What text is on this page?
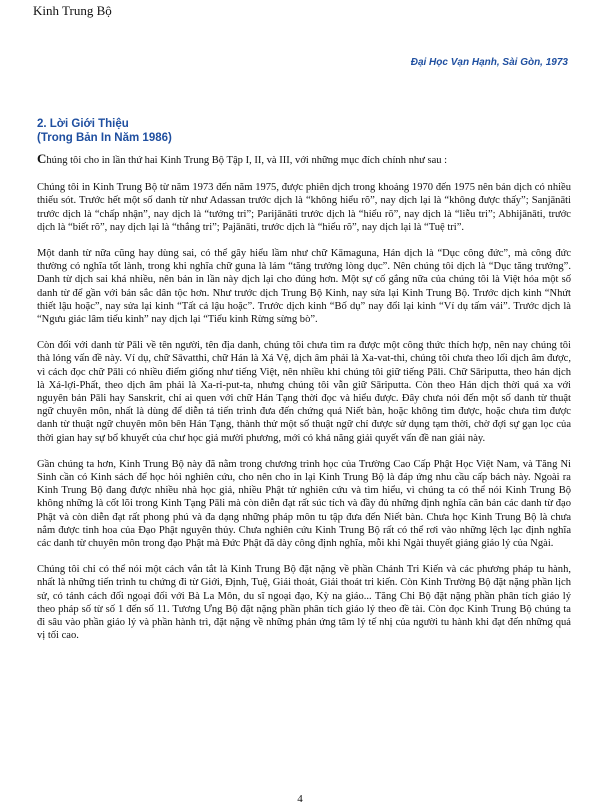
Kinh Trung Bộ
Đại Học Vạn Hạnh, Sài Gòn, 1973
2. Lời Giới Thiệu
(Trong Bản In Năm 1986)

Chúng tôi cho in lần thứ hai Kinh Trung Bộ Tập I, II, và III, với những mục đích chính như sau :

Chúng tôi in Kinh Trung Bộ từ năm 1973 đến năm 1975, được phiên dịch trong khoảng 1970 đến 1975 nên bản dịch có nhiều thiếu sót. Trước hết một số danh từ như Adassan trước dịch là “không hiểu rõ”, nay dịch lại là “không được thấy”; Sanjānāti trước dịch là “chấp nhận”, nay dịch là “tưởng tri”; Parijānāti trước dịch là “hiểu rõ”, nay dịch là “liễu tri”; Abhijānāti, trước dịch là “biết rõ”, nay dịch lại là “thắng tri”; Pajānāti, trước dịch là “hiểu rõ”, nay dịch lại là “Tuệ tri”.

Một danh từ nữa cũng hay dùng sai, có thể gây hiểu lầm như chữ Kāmaguna, Hán dịch là “Dục công đức”, mà công đức thường có nghĩa tốt lành, trong khi nghĩa chữ guna là lảm “tăng trưởng lòng dục”. Nên chúng tôi dịch là “Dục tăng trưởng”. Danh từ dịch sai khá nhiều, nên bản in lần này dịch lại cho đúng hơn. Một sự cố gắng nữa của chúng tôi là Việt hóa một số danh từ để gần với bản sắc dân tộc hơn. Như trước dịch Trung Bộ Kinh, nay sửa lại Kinh Trung Bộ. Trước dịch kinh “Nhứt thiết lậu hoặc”, nay sửa lại kinh “Tất cả lậu hoặc”. Trước dịch kinh “Bố dụ” nay đổi lại kinh “Ví dụ tấm vải”. Trước dịch là “Ngưu giác lâm tiểu kinh” nay dịch lại “Tiểu kinh Rừng sừng bò”.

Còn đối với danh từ Pāli về tên người, tên địa danh, chúng tôi chưa tìm ra được một công thức thích hợp, nên nay chúng tôi thà lóng vấn đề này. Ví dụ, chữ Sāvatthi, chữ Hán là Xá Vệ, dịch âm phải là Xa-vat-thi, chúng tôi chưa theo lối dịch âm được, vì cách đọc chữ Pāli có nhiều điểm giống như tiếng Việt, nên nhiều khi chúng tôi giữ tiếng Pāli. Chữ Sāriputta, theo hán dịch là Xá-lợi-Phất, theo dịch âm phải là Xa-ri-put-ta, nhưng chúng tôi vẫn giữ Sāriputta. Còn theo Hán dịch thời quá xa với nguyên bản Pāli hay Sanskrit, chỉ ai quen với chữ Hán Tạng thời đọc và hiểu được. Đây chưa nói đến một số danh từ thuật ngữ chuyên môn, nhất là dùng để diễn tả tiến trình đưa đến chứng quả Niết bàn, hoặc không tìm được, hoặc chưa tìm được danh từ thuật ngữ chuyên môn bên Hán Tạng, thành thử một số thuật ngữ chỉ được sử dụng tạm thời, chờ đợi sự gạn lọc của thời gian hay sự bổ khuyết của chư học giả mười phương, mới có khả năng giải quyết vấn đề nan giải này.

Gần chúng ta hơn, Kinh Trung Bộ này đã nằm trong chương trình học của Trường Cao Cấp Phật Học Việt Nam, và Tăng Ni Sinh cần có Kinh sách để học hỏi nghiên cứu, cho nên cho in lại Kinh Trung Bộ là đáp ứng nhu cầu cấp bách này. Ngoài ra Kinh Trung Bộ đang được nhiều nhà học giả, nhiều Phật tử nghiên cứu và tìm hiểu, vì chúng ta có thể nói Kinh Trung Bộ không những là cốt lõi trong Kinh Tạng Pāli mà còn diễn đạt rất súc tích và đầy đủ những định nghĩa căn bản các danh từ đạo Phật và còn diễn đạt rất phong phú và đa dạng những pháp môn tu tập đưa đến Niết bàn. Chưa học Kinh Trung Bộ là chưa nắm được tinh hoa của Đạo Phật nguyên thủy. Chưa nghiên cứu Kinh Trung Bộ rất có thể rơi vào những lệch lạc định nghĩa các danh từ chuyên môn trong đạo Phật mà Đức Phật đã dày công định nghĩa, mỗi khi Ngài thuyết giảng giáo lý của Ngài.

Chúng tôi chỉ có thể nói một cách vắn tắt là Kinh Trung Bộ đặt nặng về phần Chánh Tri Kiến và các phương pháp tu hành, nhất là những tiến trình tu chứng đi từ Giới, Định, Tuệ, Giải thoát, Giải thoát tri kiến. Còn Kinh Trường Bộ đặt nặng phần lịch sử, có tánh cách đối ngoại đối với Bà La Môn, du sĩ ngoại đạo, Kỳ na giáo... Tăng Chi Bộ đặt nặng phần phân tích giáo lý theo pháp số từ số 1 đến số 11. Tương Ưng Bộ đặt nặng phần phân tích giáo lý theo đề tài. Còn đọc Kinh Trung Bộ chúng ta đi sâu vào phần giáo lý và phần hành trì, đặt nặng về những phản ứng tâm lý tế nhị của người tu hành khi đạt đến những quả vị tối cao.

4
